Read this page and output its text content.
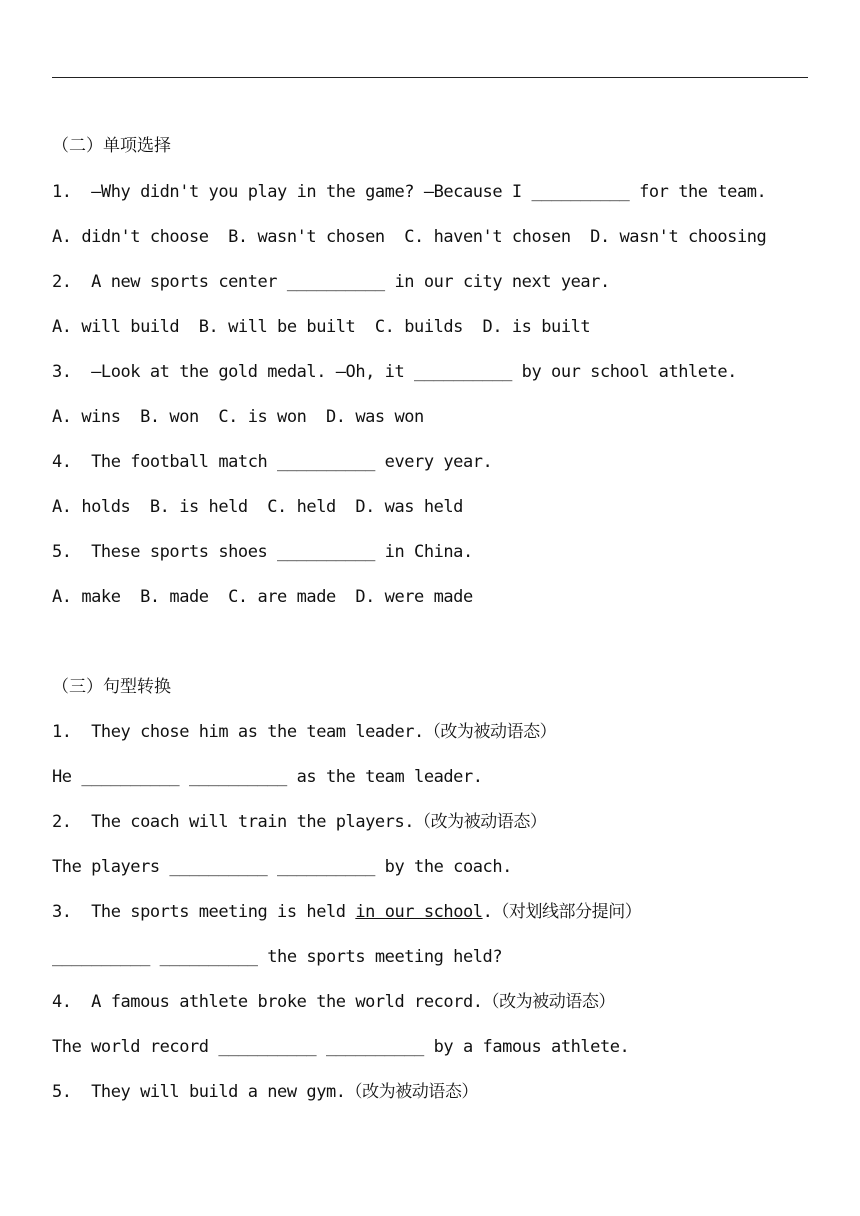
（二）单项选择
1.  —Why didn't you play in the game? —Because I __________ for the team.
A. didn't choose  B. wasn't chosen  C. haven't chosen  D. wasn't choosing
2.  A new sports center __________ in our city next year.
A. will build  B. will be built  C. builds  D. is built
3.  —Look at the gold medal. —Oh, it __________ by our school athlete.
A. wins  B. won  C. is won  D. was won
4.  The football match __________ every year.
A. holds  B. is held  C. held  D. was held
5.  These sports shoes __________ in China.
A. make  B. made  C. are made  D. were made
（三）句型转换
1.  They chose him as the team leader.（改为被动语态）
He __________ __________ as the team leader.
2.  The coach will train the players.（改为被动语态）
The players __________ __________ by the coach.
3.  The sports meeting is held in our school.（对划线部分提问）
__________ __________ the sports meeting held?
4.  A famous athlete broke the world record.（改为被动语态）
The world record __________ __________ by a famous athlete.
5.  They will build a new gym.（改为被动语态）
